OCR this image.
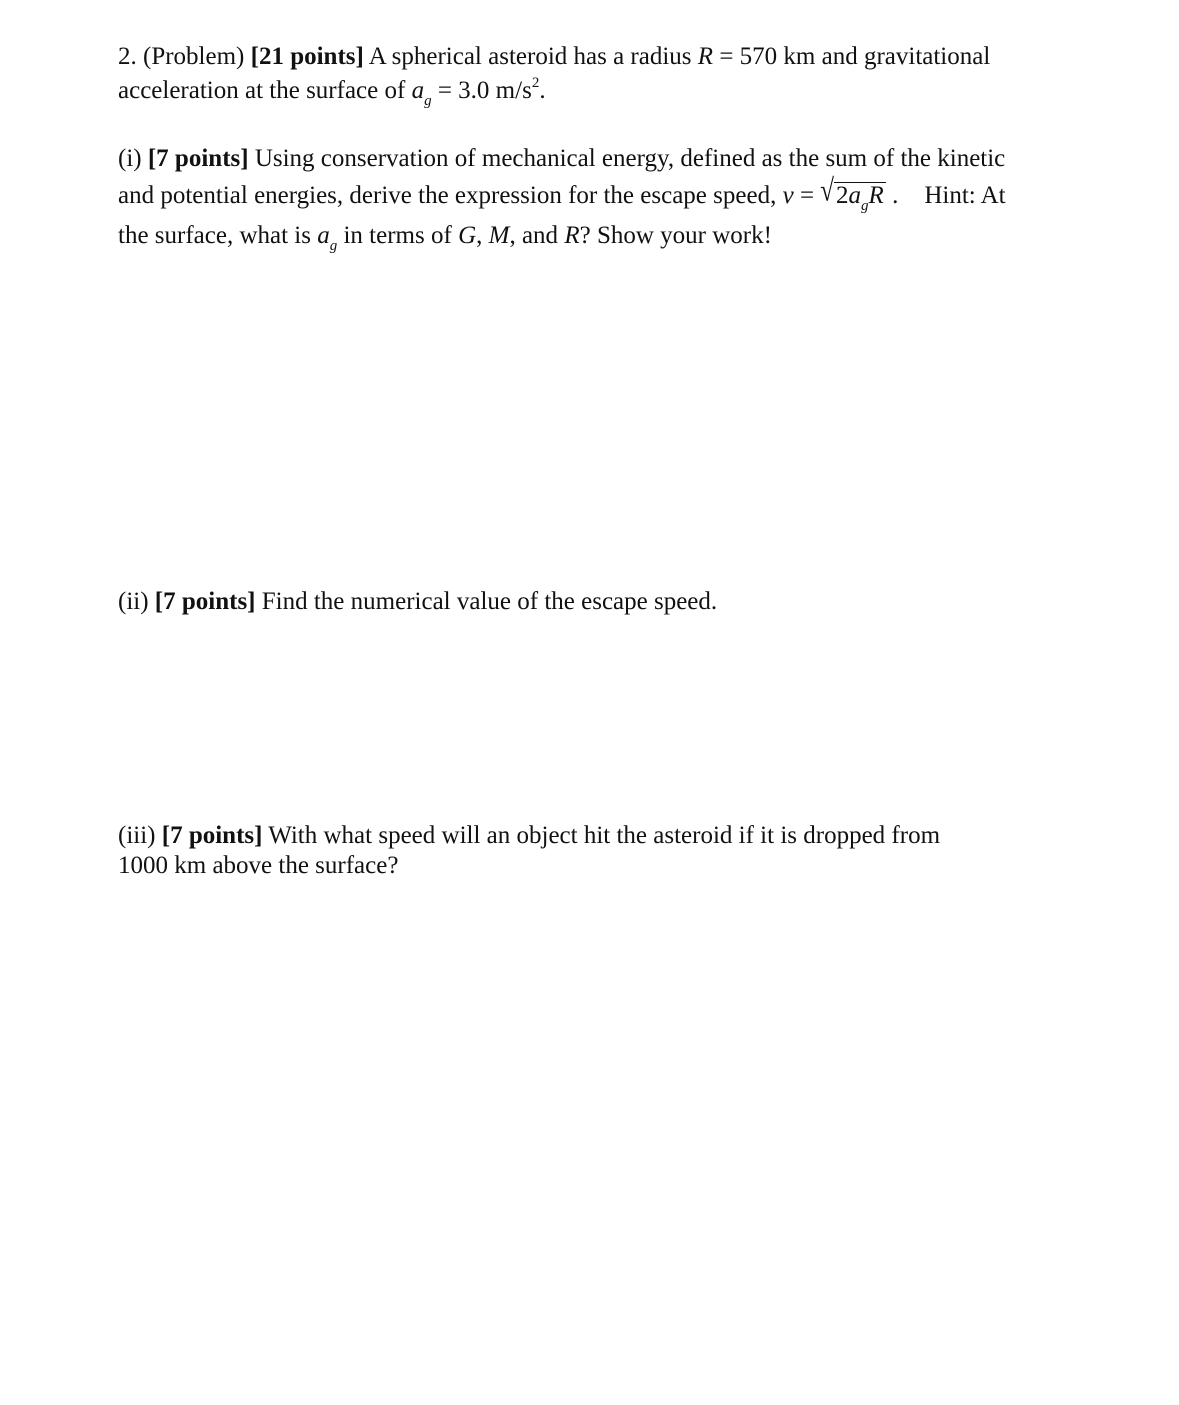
2. (Problem) [21 points] A spherical asteroid has a radius R = 570 km and gravitational
acceleration at the surface of $a_g = 3.0$ $m/s^2$.
(i) [7 points] Using conservation of mechanical energy, defined as the sum of the kinetic
and potential energies, derive the expression for the escape speed, $v = √2a_gR$ . Hint: At
the surface, what is $a_g$ in terms of G, M, and R? Show your work!
(ii) [7 points] Find the numerical value of the escape speed.
(iii) [7 points] With what speed will an object hit the asteroid if it is dropped from
1000 km above the surface?
